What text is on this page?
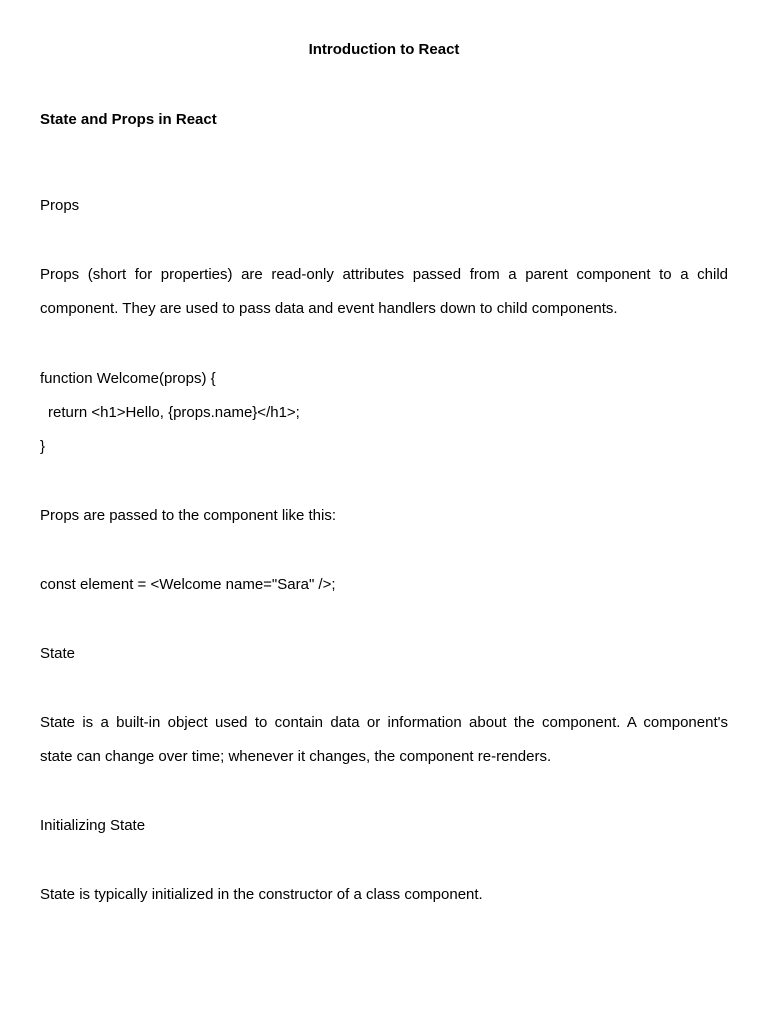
Introduction to React
State and Props in React
Props
Props (short for properties) are read-only attributes passed from a parent component to a child
component. They are used to pass data and event handlers down to child components.
function Welcome(props) {
return <h1>Hello, {props.name}</h1>;
}
Props are passed to the component like this:
const element = <Welcome name="Sara" />;
State
State is a built-in object used to contain data or information about the component. A component's
state can change over time; whenever it changes, the component re-renders.
Initializing State
State is typically initialized in the constructor of a class component.
